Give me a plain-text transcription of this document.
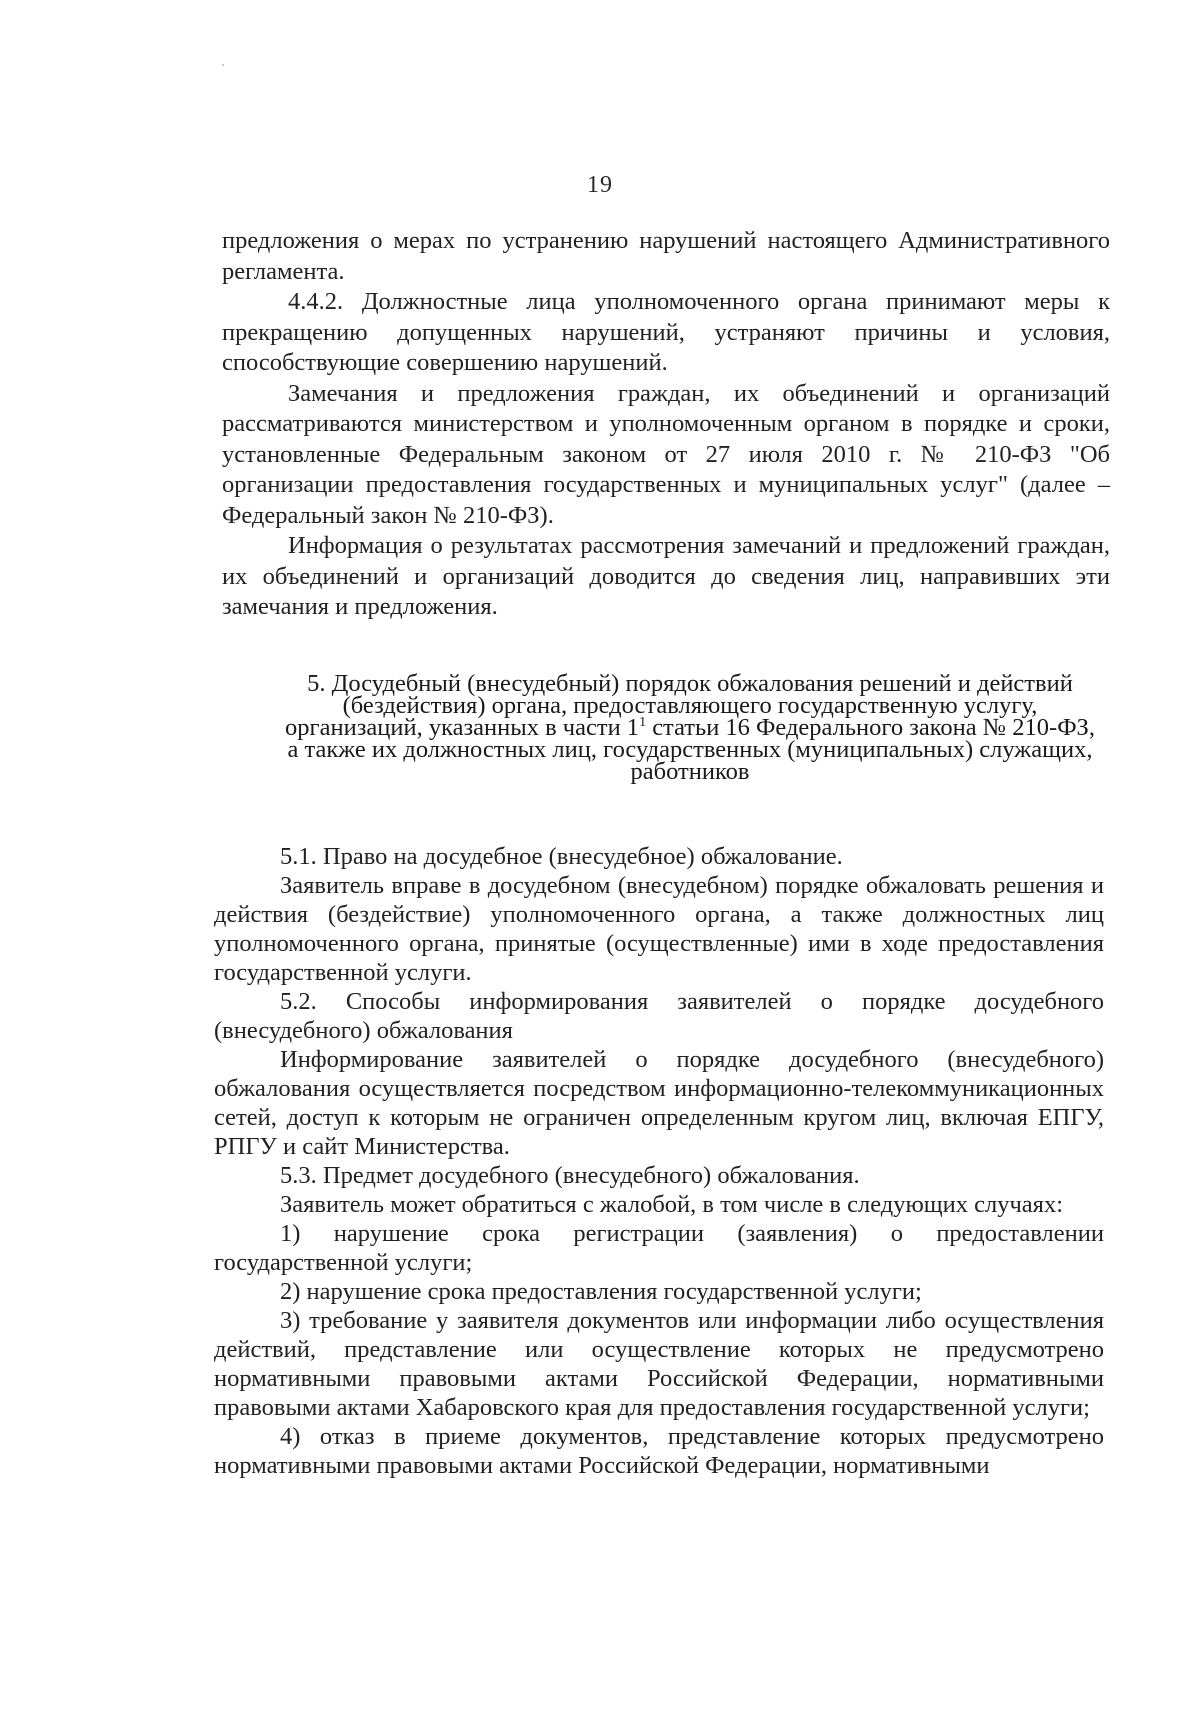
19

предложения о мерах по устранению нарушений настоящего Административного регламента.

4.4.2. Должностные лица уполномоченного органа принимают меры к прекращению допущенных нарушений, устраняют причины и условия, способствующие совершению нарушений.

Замечания и предложения граждан, их объединений и организаций рассматриваются министерством и уполномоченным органом в порядке и сроки, установленные Федеральным законом от 27 июля 2010 г. № 210-ФЗ "Об организации предоставления государственных и муниципальных услуг" (далее – Федеральный закон № 210-ФЗ).

Информация о результатах рассмотрения замечаний и предложений граждан, их объединений и организаций доводится до сведения лиц, направивших эти замечания и предложения.

5. Досудебный (внесудебный) порядок обжалования решений и действий (бездействия) органа, предоставляющего государственную услугу, организаций, указанных в части $1^1$ статьи 16 Федерального закона № 210-ФЗ, а также их должностных лиц, государственных (муниципальных) служащих, работников

5.1. Право на досудебное (внесудебное) обжалование.

Заявитель вправе в досудебном (внесудебном) порядке обжаловать решения и действия (бездействие) уполномоченного органа, а также должностных лиц уполномоченного органа, принятые (осуществленные) ими в ходе предоставления государственной услуги.

5.2. Способы информирования заявителей о порядке досудебного (внесудебного) обжалования

Информирование заявителей о порядке досудебного (внесудебного) обжалования осуществляется посредством информационно-телекоммуникационных сетей, доступ к которым не ограничен определенным кругом лиц, включая ЕПГУ, РПГУ и сайт Министерства.

5.3. Предмет досудебного (внесудебного) обжалования.

Заявитель может обратиться с жалобой, в том числе в следующих случаях:

1) нарушение срока регистрации (заявления) о предоставлении государственной услуги;

2) нарушение срока предоставления государственной услуги;

3) требование у заявителя документов или информации либо осуществления действий, представление или осуществление которых не предусмотрено нормативными правовыми актами Российской Федерации, нормативными правовыми актами Хабаровского края для предоставления государственной услуги;

4) отказ в приеме документов, представление которых предусмотрено нормативными правовыми актами Российской Федерации, нормативными
